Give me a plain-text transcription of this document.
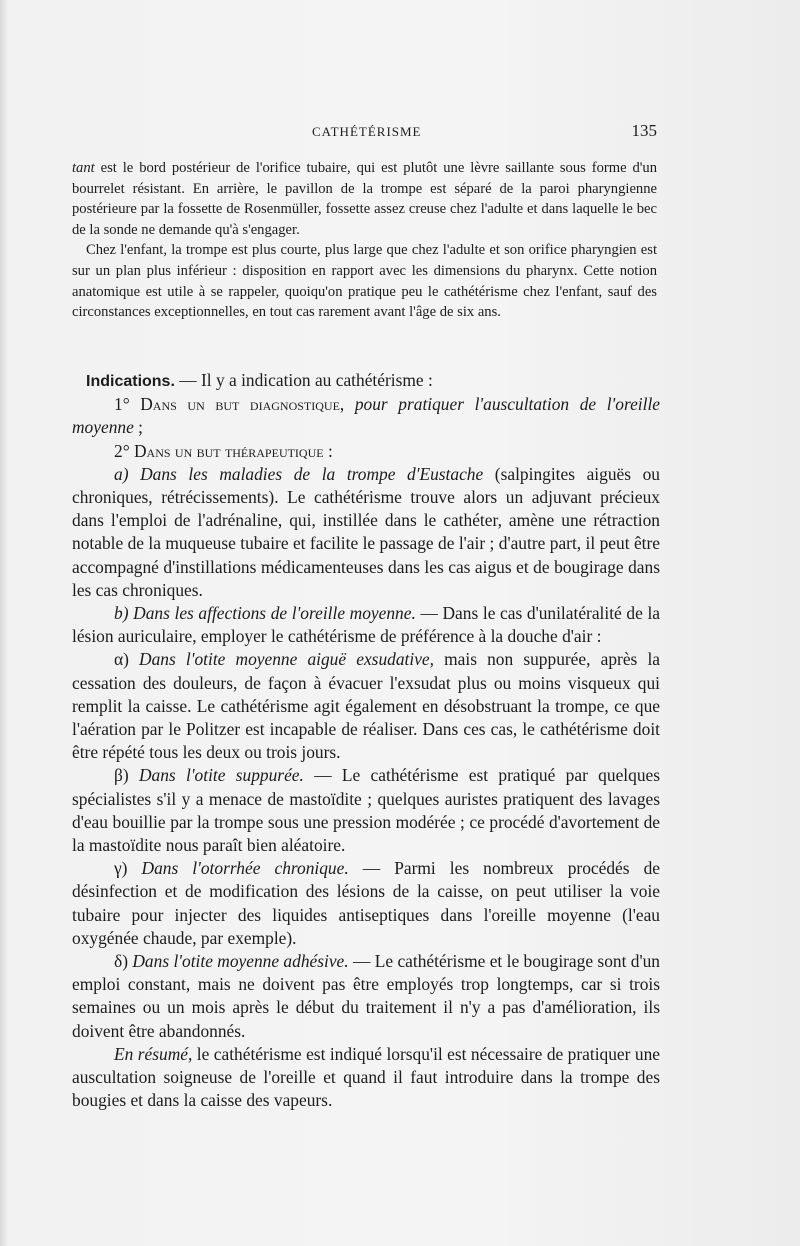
CATHÉTÉRISME	135

tant est le bord postérieur de l'orifice tubaire, qui est plutôt une lèvre saillante sous forme d'un bourrelet résistant. En arrière, le pavillon de la trompe est séparé de la paroi pharyngienne postérieure par la fossette de Rosenmüller, fossette assez creuse chez l'adulte et dans laquelle le bec de la sonde ne demande qu'à s'engager.

Chez l'enfant, la trompe est plus courte, plus large que chez l'adulte et son orifice pharyngien est sur un plan plus inférieur : disposition en rapport avec les dimensions du pharynx. Cette notion anatomique est utile à se rappeler, quoiqu'on pratique peu le cathétérisme chez l'enfant, sauf des circonstances exceptionnelles, en tout cas rarement avant l'âge de six ans.

Indications. — Il y a indication au cathétérisme :

1° Dans un but diagnostique, pour pratiquer l'auscultation de l'oreille moyenne ;

2° Dans un but thérapeutique :

a) Dans les maladies de la trompe d'Eustache (salpingites aiguës ou chroniques, rétrécissements). Le cathétérisme trouve alors un adjuvant précieux dans l'emploi de l'adrénaline, qui, instillée dans le cathéter, amène une rétraction notable de la muqueuse tubaire et facilite le passage de l'air ; d'autre part, il peut être accompagné d'instillations médicamenteuses dans les cas aigus et de bougirage dans les cas chroniques.

b) Dans les affections de l'oreille moyenne. — Dans le cas d'unilatéralité de la lésion auriculaire, employer le cathétérisme de préférence à la douche d'air :

α) Dans l'otite moyenne aiguë exsudative, mais non suppurée, après la cessation des douleurs, de façon à évacuer l'exsudat plus ou moins visqueux qui remplit la caisse. Le cathétérisme agit également en désobstruant la trompe, ce que l'aération par le Politzer est incapable de réaliser. Dans ces cas, le cathétérisme doit être répété tous les deux ou trois jours.

β) Dans l'otite suppurée. — Le cathétérisme est pratiqué par quelques spécialistes s'il y a menace de mastoïdite ; quelques auristes pratiquent des lavages d'eau bouillie par la trompe sous une pression modérée ; ce procédé d'avortement de la mastoïdite nous paraît bien aléatoire.

γ) Dans l'otorrhée chronique. — Parmi les nombreux procédés de désinfection et de modification des lésions de la caisse, on peut utiliser la voie tubaire pour injecter des liquides antiseptiques dans l'oreille moyenne (l'eau oxygénée chaude, par exemple).

δ) Dans l'otite moyenne adhésive. — Le cathétérisme et le bougirage sont d'un emploi constant, mais ne doivent pas être employés trop longtemps, car si trois semaines ou un mois après le début du traitement il n'y a pas d'amélioration, ils doivent être abandonnés.

En résumé, le cathétérisme est indiqué lorsqu'il est nécessaire de pratiquer une auscultation soigneuse de l'oreille et quand il faut introduire dans la trompe des bougies et dans la caisse des vapeurs.
